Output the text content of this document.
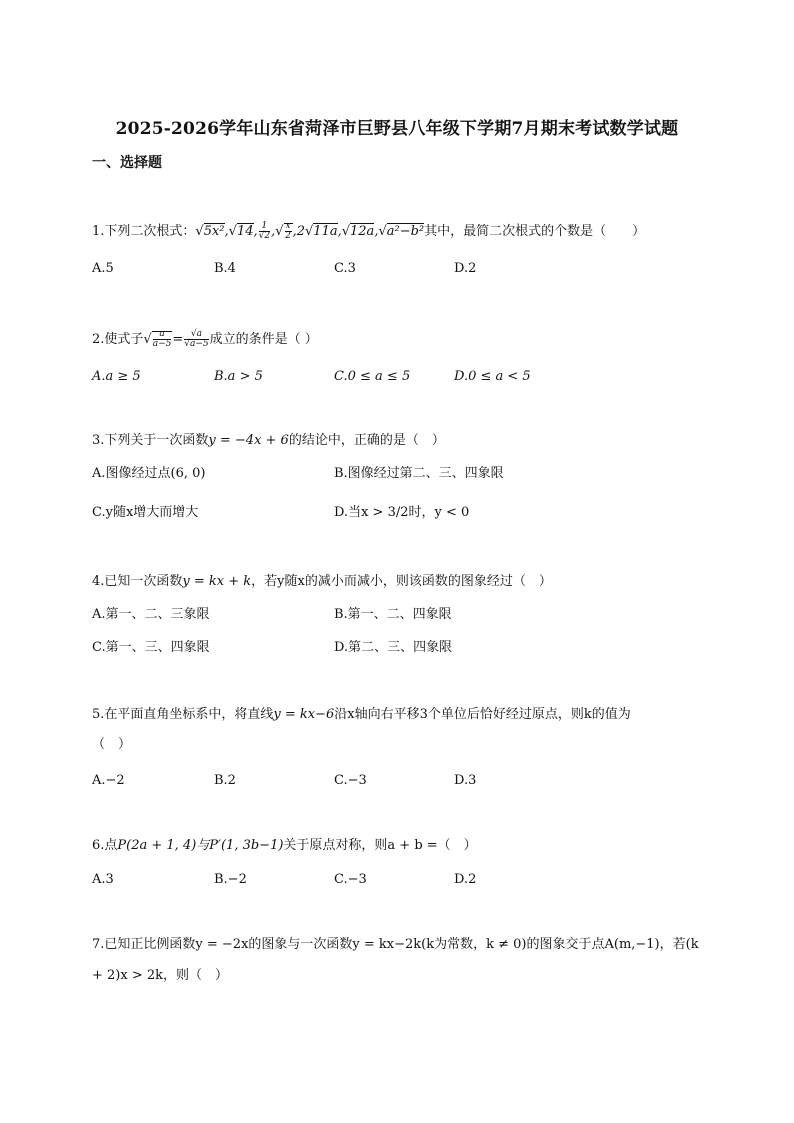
2025-2026学年山东省菏泽市巨野县八年级下学期7月期末考试数学试题
一、选择题
1.下列二次根式：√5x²,√14, $\frac{1}{√2}$ ,√ $\frac{x}{2} ,2√11a,√12a,√a^2-b^2$其中，最简二次根式的个数是（　　）
A.5	B.4	C.3	D.2
2.使式子√ $\frac{a}{a-5} = \frac{√a}{√a-5}$ 成立的条件是（ ）
A.a ≥ 5	B.a > 5	C.0 ≤ a ≤ 5	D.0 ≤ a < 5
3.下列关于一次函数y = −4x + 6的结论中，正确的是（　）
A.图像经过点(6, 0)	B.图像经过第二、三、四象限
C.y随x增大而增大	D.当x > 3/2时，y < 0
4.已知一次函数y = kx + k，若y随x的减小而减小，则该函数的图象经过（　）
A.第一、二、三象限	B.第一、二、四象限
C.第一、三、四象限	D.第二、三、四象限
5.在平面直角坐标系中，将直线y = kx−6沿x轴向右平移3个单位后恰好经过原点，则k的值为
（　）
A.−2	B.2	C.−3	D.3
6.点P(2a + 1, 4)与P′(1, 3b−1)关于原点对称，则a + b =（　）
A.3	B.−2	C.−3	D.2
7.已知正比例函数y = −2x的图象与一次函数y = kx−2k(k为常数，k ≠ 0)的图象交于点A(m,−1)，若(k
+ 2)x > 2k，则（　）
